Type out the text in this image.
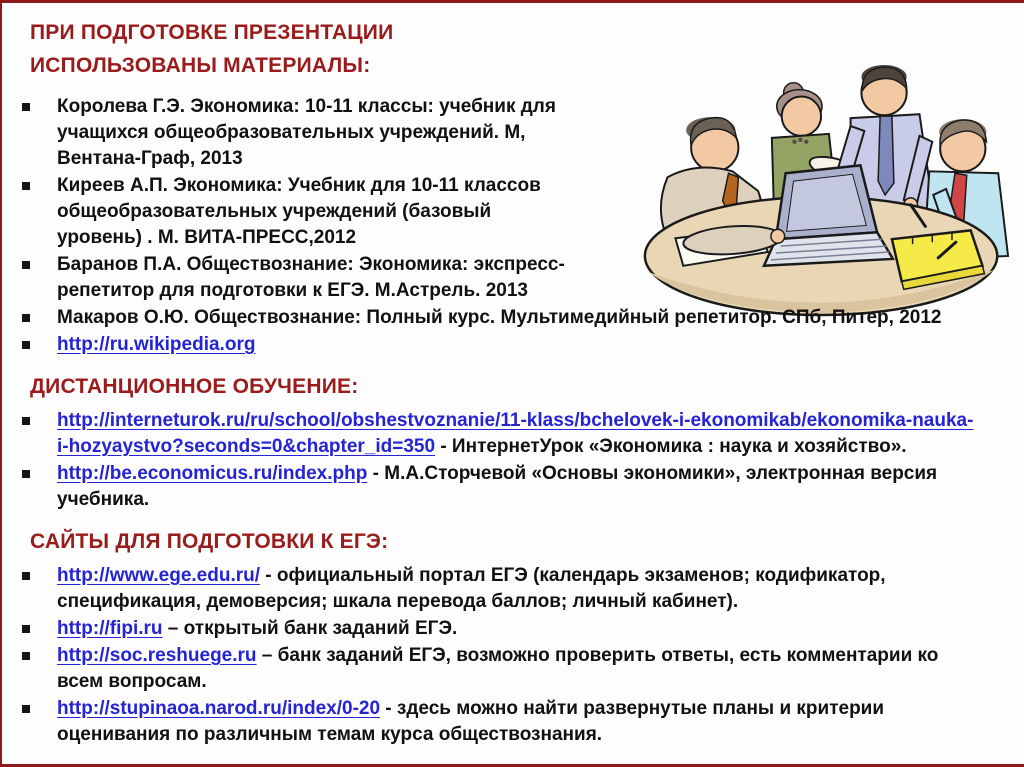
ПРИ ПОДГОТОВКЕ ПРЕЗЕНТАЦИИ
ИСПОЛЬЗОВАНЫ МАТЕРИАЛЫ:
Королева Г.Э. Экономика: 10-11 классы: учебник для учащихся общеобразовательных учреждений. М, Вентана-Граф, 2013
Киреев А.П. Экономика: Учебник для 10-11 классов общеобразовательных учреждений (базовый уровень) . М. ВИТА-ПРЕСС,2012
Баранов П.А. Обществознание: Экономика: экспресс-репетитор для подготовки к ЕГЭ. М.Астрель. 2013
Макаров О.Ю. Обществознание: Полный курс. Мультимедийный репетитор. СПб, Питер, 2012
http://ru.wikipedia.org
ДИСТАНЦИОННОЕ ОБУЧЕНИЕ:
http://interneturok.ru/ru/school/obshestvoznanie/11-klass/bchelovek-i-ekonomikab/ekonomika-nauka-i-hozyaystvo?seconds=0&chapter_id=350 - ИнтернетУрок «Экономика : наука и хозяйство».
http://be.economicus.ru/index.php - М.А.Сторчевой «Основы экономики», электронная версия учебника.
САЙТЫ ДЛЯ ПОДГОТОВКИ К ЕГЭ:
http://www.ege.edu.ru/ - официальный портал ЕГЭ (календарь экзаменов; кодификатор, спецификация, демоверсия; шкала перевода баллов; личный кабинет).
http://fipi.ru – открытый банк заданий ЕГЭ.
http://soc.reshuege.ru – банк заданий ЕГЭ, возможно проверить ответы, есть комментарии ко всем вопросам.
http://stupinaoa.narod.ru/index/0-20 - здесь можно найти развернутые планы и критерии оценивания по различным темам курса обществознания.
